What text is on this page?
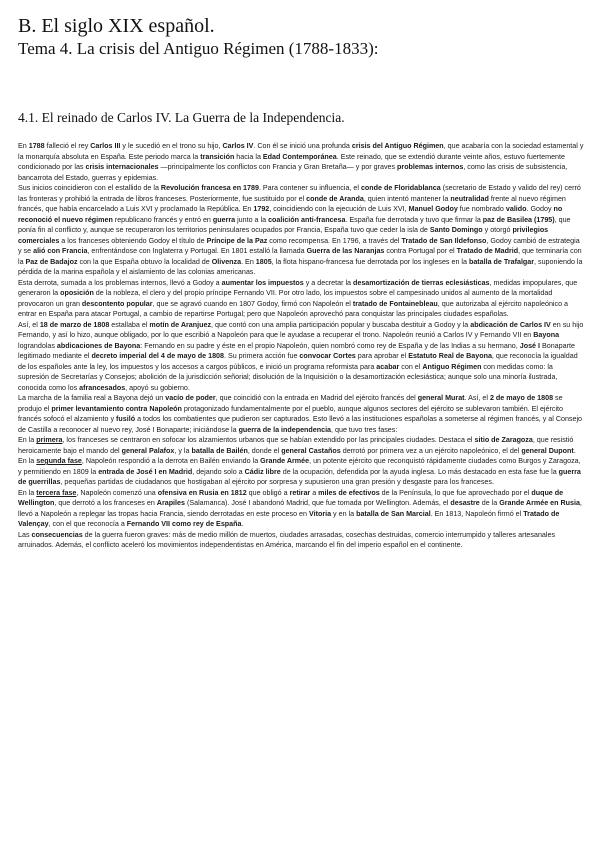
B. El siglo XIX español.
Tema 4. La crisis del Antiguo Régimen (1788-1833):
4.1. El reinado de Carlos IV. La Guerra de la Independencia.

En 1788 falleció el rey Carlos III y le sucedió en el trono su hijo, Carlos IV. Con él se inició una profunda crisis del Antiguo Régimen, que acabaría con la sociedad estamental y la monarquía absoluta en España. Este periodo marca la transición hacia la Edad Contemporánea. Este reinado, que se extendió durante veinte años, estuvo fuertemente condicionado por las crisis internacionales —principalmente los conflictos con Francia y Gran Bretaña— y por graves problemas internos, como las crisis de subsistencia, bancarrota del Estado, guerras y epidemias.

Sus inicios coincidieron con el estallido de la Revolución francesa en 1789. Para contener su influencia, el conde de Floridablanca (secretario de Estado y valido del rey) cerró las fronteras y prohibió la entrada de libros franceses. Posteriormente, fue sustituido por el conde de Aranda, quien intentó mantener la neutralidad frente al nuevo régimen francés, que había encarcelado a Luis XVI y proclamado la República. En 1792, coincidiendo con la ejecución de Luis XVI, Manuel Godoy fue nombrado valido. Godoy no reconoció el nuevo régimen republicano francés y entró en guerra junto a la coalición anti-francesa. España fue derrotada y tuvo que firmar la paz de Basilea (1795), que ponía fin al conflicto y, aunque se recuperaron los territorios peninsulares ocupados por Francia, España tuvo que ceder la isla de Santo Domingo y otorgó privilegios comerciales a los franceses obteniendo Godoy el título de Príncipe de la Paz como recompensa. En 1796, a través del Tratado de San Ildefonso, Godoy cambió de estrategia y se alió con Francia, enfrentándose con Inglaterra y Portugal. En 1801 estalló la llamada Guerra de las Naranjas contra Portugal por el Tratado de Madrid, que terminaría con la Paz de Badajoz con la que España obtuvo la localidad de Olivenza. En 1805, la flota hispano-francesa fue derrotada por los ingleses en la batalla de Trafalgar, suponiendo la pérdida de la marina española y el aislamiento de las colonias americanas.

Esta derrota, sumada a los problemas internos, llevó a Godoy a aumentar los impuestos y a decretar la desamortización de tierras eclesiásticas, medidas impopulares, que generaron la oposición de la nobleza, el clero y del propio príncipe Fernando VII. Por otro lado, los impuestos sobre el campesinado unidos al aumento de la mortalidad provocaron un gran descontento popular, que se agravó cuando en 1807 Godoy, firmó con Napoleón el tratado de Fontainebleau, que autorizaba al ejército napoleónico a entrar en España para atacar Portugal, a cambio de repartirse Portugal; pero que Napoleón aprovechó para conquistar las principales ciudades españolas.

Así, el 18 de marzo de 1808 estallaba el motín de Aranjuez, que contó con una amplia participación popular y buscaba destituir a Godoy y la abdicación de Carlos IV en su hijo Fernando, y así lo hizo, aunque obligado, por lo que escribió a Napoleón para que le ayudase a recuperar el trono. Napoleón reunió a Carlos IV y Fernando VII en Bayona lograndolas abdicaciones de Bayona: Fernando en su padre y éste en el propio Napoleón, quien nombró como rey de España y de las Indias a su hermano, José I Bonaparte legitimado mediante el decreto imperial del 4 de mayo de 1808. Su primera acción fue convocar Cortes para aprobar el Estatuto Real de Bayona, que reconocía la igualdad de los españoles ante la ley, los impuestos y los accesos a cargos públicos, e inició un programa reformista para acabar con el Antiguo Régimen con medidas como: la supresión de Secretarías y Consejos; abolición de la jurisdicción señorial; disolución de la Inquisición o la desamortización eclesiástica; aunque solo una minoría ilustrada, conocida como los afrancesados, apoyó su gobierno.

La marcha de la familia real a Bayona dejó un vacío de poder, que coincidió con la entrada en Madrid del ejército francés del general Murat. Así, el 2 de mayo de 1808 se produjo el primer levantamiento contra Napoleón protagonizado fundamentalmente por el pueblo, aunque algunos sectores del ejército se sublevaron también. El ejército francés sofocó el alzamiento y fusiló a todos los combatientes que pudieron ser capturados. Esto llevó a las instituciones españolas a someterse al régimen francés, y al Consejo de Castilla a reconocer al nuevo rey, José I Bonaparte; iniciándose la guerra de la independencia, que tuvo tres fases:

En la primera, los franceses se centraron en sofocar los alzamientos urbanos que se habían extendido por las principales ciudades. Destaca el sitio de Zaragoza, que resistió heroicamente bajo el mando del general Palafox, y la batalla de Bailén, donde el general Castaños derrotó por primera vez a un ejército napoleónico, el del general Dupont.

En la segunda fase, Napoleón respondió a la derrota en Bailén enviando la Grande Armée, un potente ejército que reconquistó rápidamente ciudades como Burgos y Zaragoza, y permitiendo en 1809 la entrada de José I en Madrid, dejando solo a Cádiz libre de la ocupación, defendida por la ayuda inglesa. Lo más destacado en esta fase fue la guerra de guerrillas, pequeñas partidas de ciudadanos que hostigaban al ejército por sorpresa y supusieron una gran presión y desgaste para los franceses.

En la tercera fase, Napoleón comenzó una ofensiva en Rusia en 1812 que obligó a retirar a miles de efectivos de la Península, lo que fue aprovechado por el duque de Wellington, que derrotó a los franceses en Arapiles (Salamanca). José I abandonó Madrid, que fue tomada por Wellington. Además, el desastre de la Grande Armée en Rusia, llevó a Napoleón a replegar las tropas hacia Francia, siendo derrotadas en este proceso en Vitoria y en la batalla de San Marcial. En 1813, Napoleón firmó el Tratado de Valençay, con el que reconocía a Fernando VII como rey de España.

Las consecuencias de la guerra fueron graves: más de medio millón de muertos, ciudades arrasadas, cosechas destruidas, comercio interrumpido y talleres artesanales arruinados. Además, el conflicto aceleró los movimientos independentistas en América, marcando el fin del imperio español en el continente.
